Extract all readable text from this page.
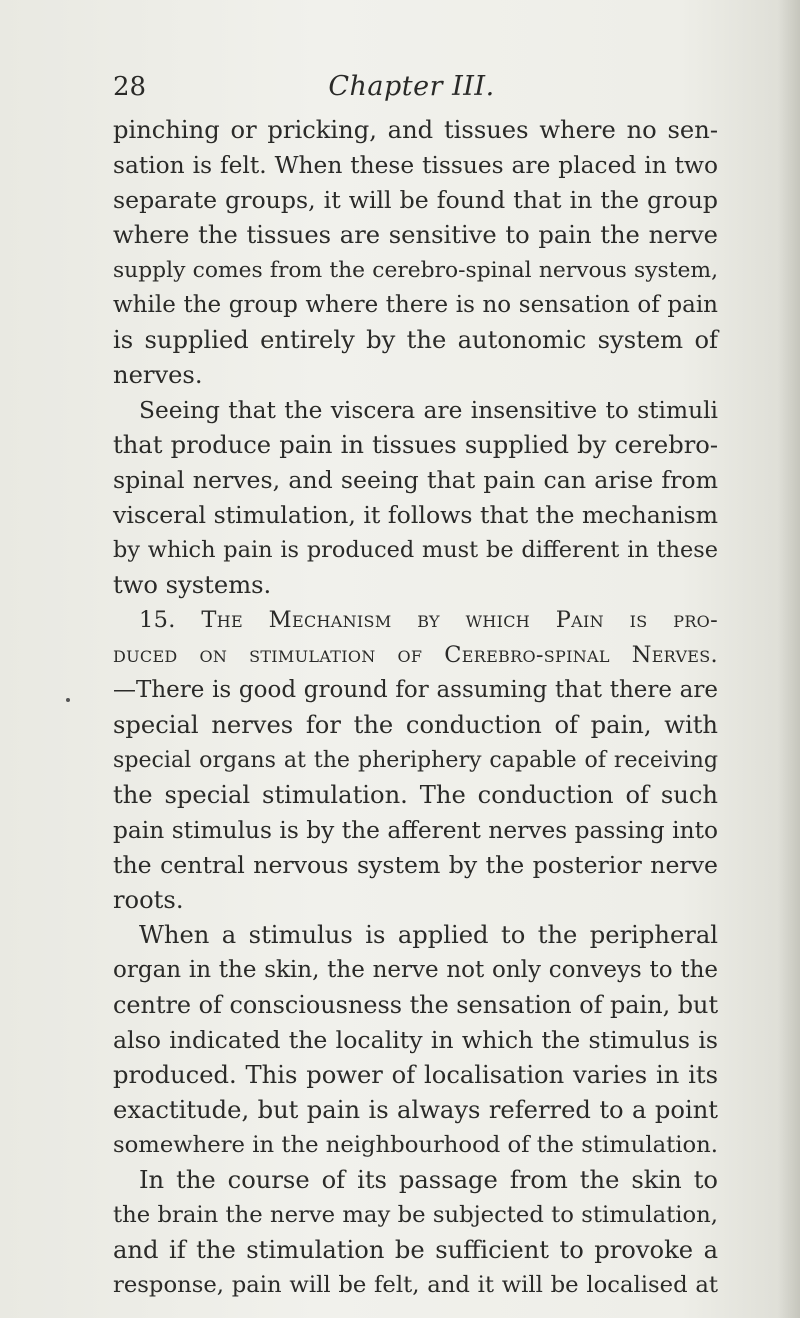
28	Chapter III.
pinching or pricking, and tissues where no sen-
sation is felt. When these tissues are placed in two
separate groups, it will be found that in the group
where the tissues are sensitive to pain the nerve
supply comes from the cerebro-spinal nervous system,
while the group where there is no sensation of pain
is supplied entirely by the autonomic system of
nerves.
Seeing that the viscera are insensitive to stimuli
that produce pain in tissues supplied by cerebro-
spinal nerves, and seeing that pain can arise from
visceral stimulation, it follows that the mechanism
by which pain is produced must be different in these
two systems.
15. The Mechanism by which Pain is pro-
duced on stimulation of Cerebro-spinal Nerves.
—There is good ground for assuming that there are
special nerves for the conduction of pain, with
special organs at the pheriphery capable of receiving
the special stimulation. The conduction of such
pain stimulus is by the afferent nerves passing into
the central nervous system by the posterior nerve
roots.
When a stimulus is applied to the peripheral
organ in the skin, the nerve not only conveys to the
centre of consciousness the sensation of pain, but
also indicated the locality in which the stimulus is
produced. This power of localisation varies in its
exactitude, but pain is always referred to a point
somewhere in the neighbourhood of the stimulation.
In the course of its passage from the skin to
the brain the nerve may be subjected to stimulation,
and if the stimulation be sufficient to provoke a
response, pain will be felt, and it will be localised at
